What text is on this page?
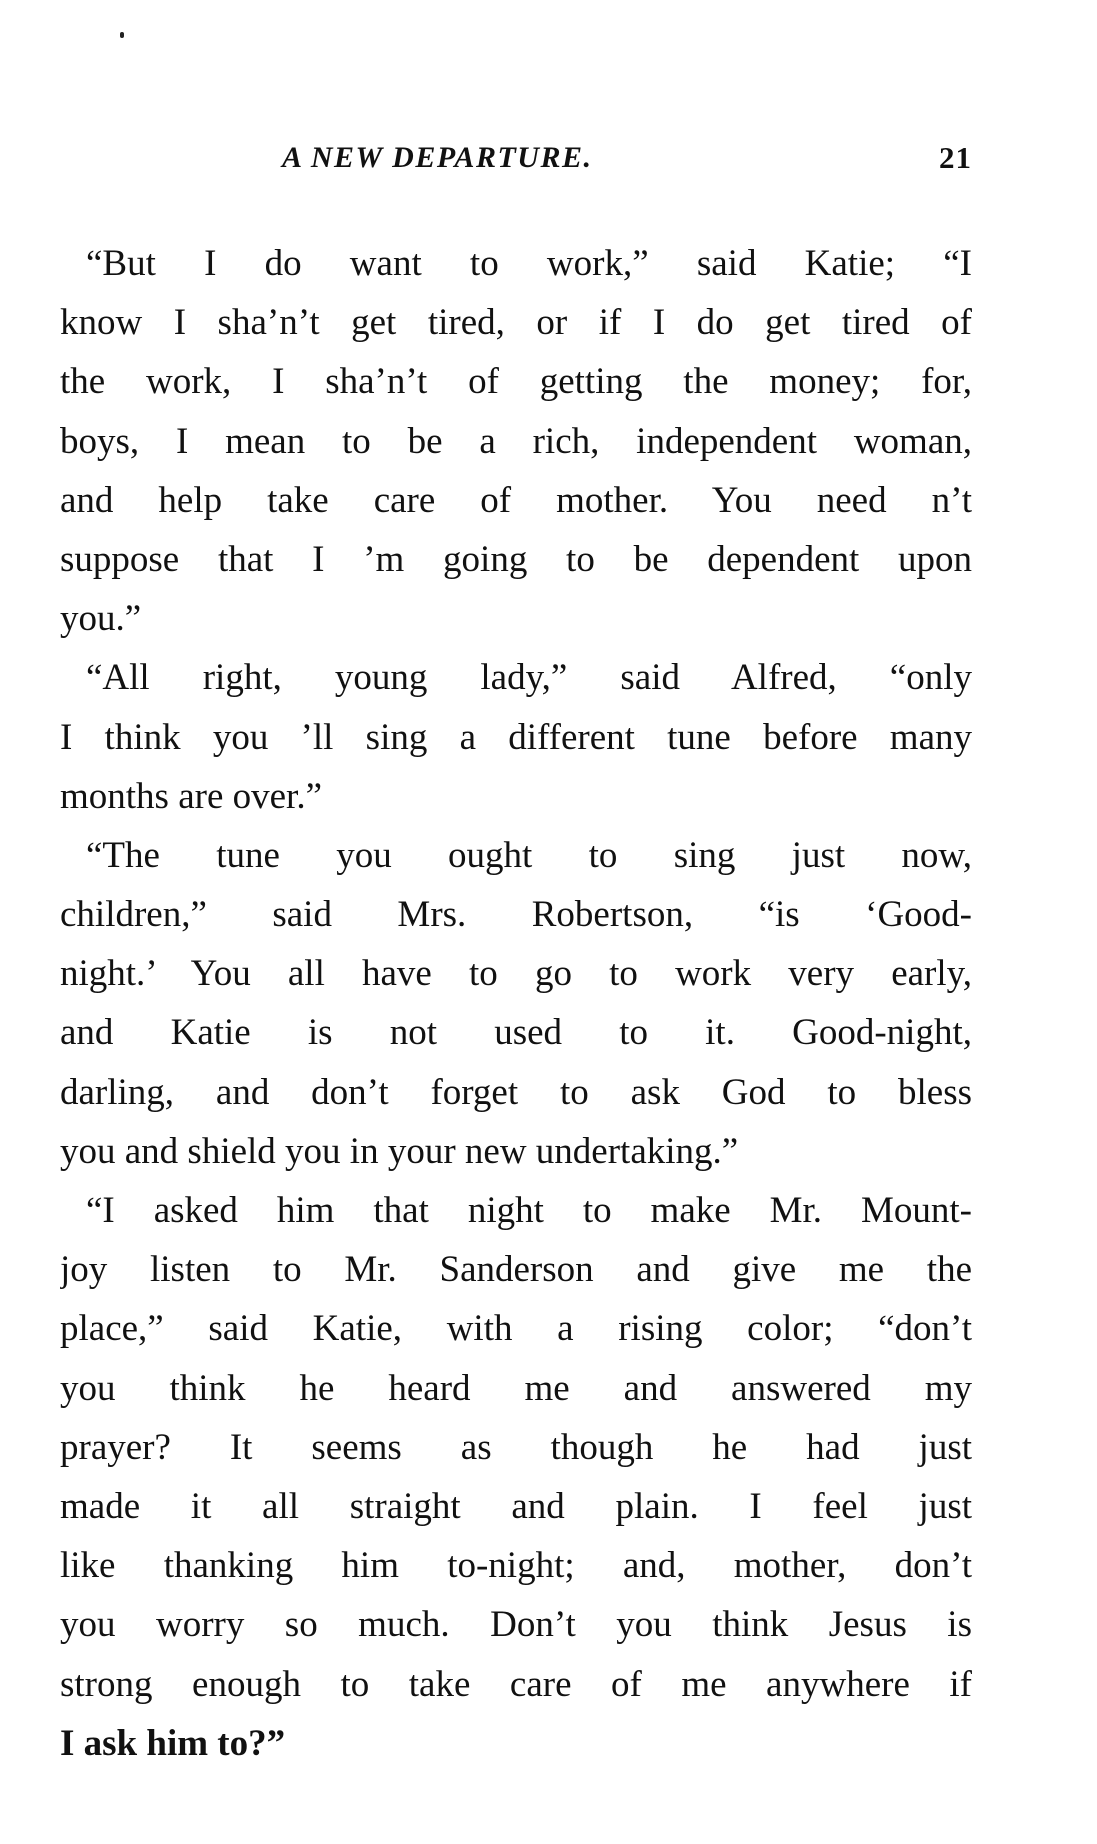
A NEW DEPARTURE.	21
“But I do want to work,” said Katie; “I
know I sha’n’t get tired, or if I do get tired of
the work, I sha’n’t of getting the money; for,
boys, I mean to be a rich, independent woman,
and help take care of mother. You need n’t
suppose that I ’m going to be dependent upon
you.”
“All right, young lady,” said Alfred, “only
I think you ’ll sing a different tune before many
months are over.”
“The tune you ought to sing just now,
children,” said Mrs. Robertson, “is ‘Good-
night.’ You all have to go to work very early,
and Katie is not used to it. Good-night,
darling, and don’t forget to ask God to bless
you and shield you in your new undertaking.”
“I asked him that night to make Mr. Mount-
joy listen to Mr. Sanderson and give me the
place,” said Katie, with a rising color; “don’t
you think he heard me and answered my
prayer? It seems as though he had just
made it all straight and plain. I feel just
like thanking him to-night; and, mother, don’t
you worry so much. Don’t you think Jesus is
strong enough to take care of me anywhere if
I ask him to?”
